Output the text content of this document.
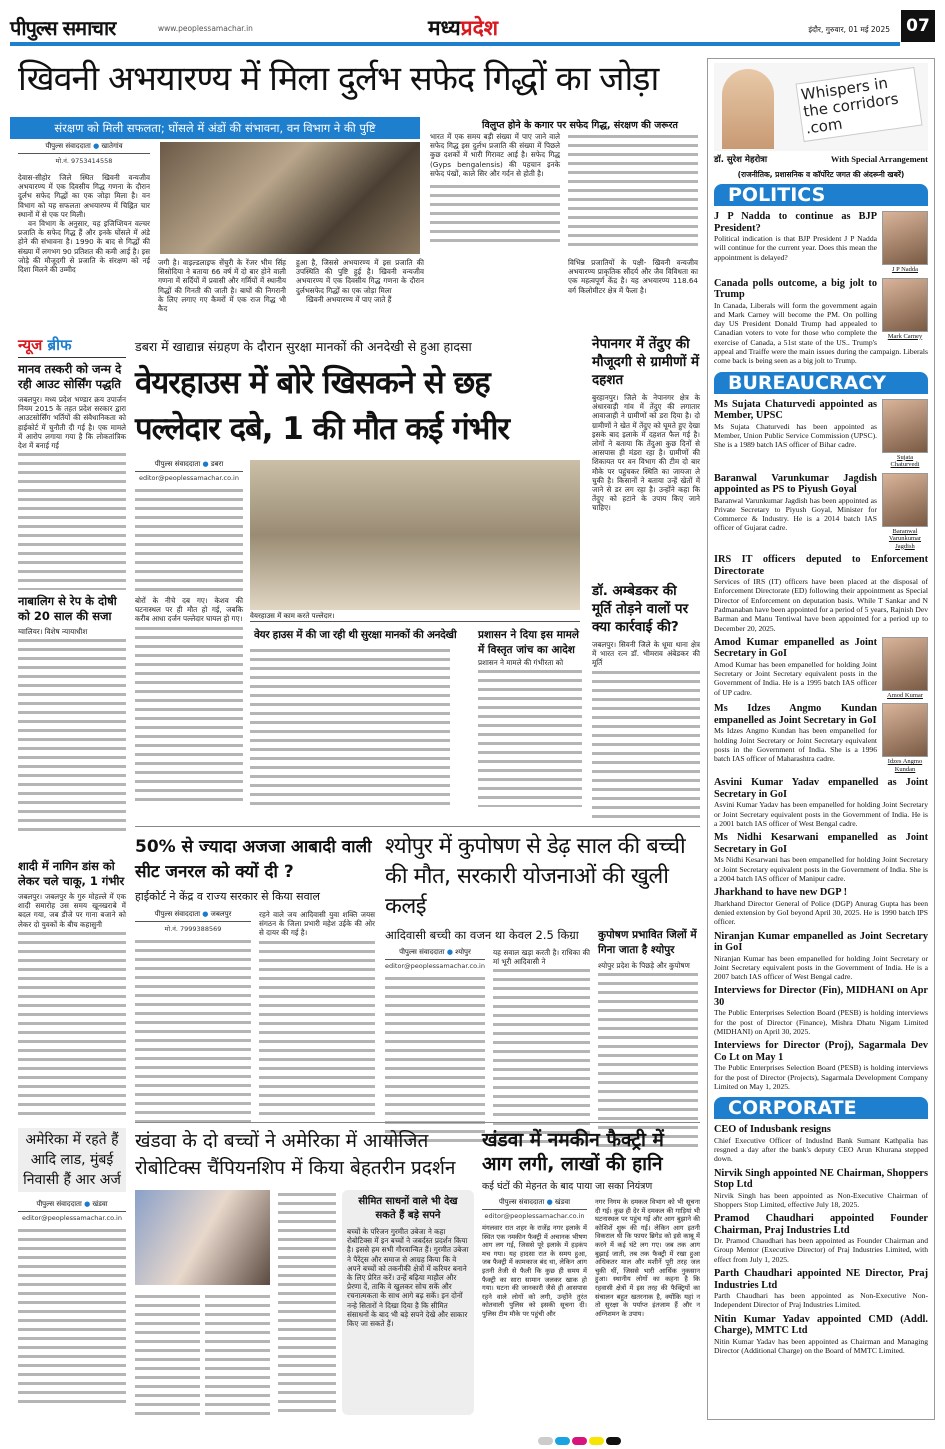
पीपुल्स समाचार	www.peoplessamachar.in	मध्यप्रदेश	इंदौर, गुरुवार, 01 मई 2025 07
खिवनी अभयारण्य में मिला दुर्लभ सफेद गिद्धों का जोड़ा
संरक्षण को मिली सफलता; घोंसले में अंडों की संभावना, वन विभाग ने की पुष्टि	विलुप्त होने के कगार पर सफेद गिद्ध, संरक्षण की जरूरत
पीपुल्स संवाददाता ● खातेगांव
मो.नं. 9753414558

देवास-सीहोर जिले स्थित खिवनी वन्यजीव अभयारण्य में एक दिवसीय गिद्ध गणना के दौरान दुर्लभ सफेद गिद्धों का एक जोड़ा मिला है। वन विभाग को यह सफलता अभयारण्य में चिह्नित चार स्थानों में से एक पर मिली।

वन विभाग के अनुसार, यह इजिप्शियन वल्चर प्रजाति के सफेद गिद्ध हैं और इनके घोंसले में अंडे होने की संभावना है। 1990 के बाद से गिद्धों की संख्या में लगभग 90 प्रतिशत की कमी आई है। इस जोड़े की मौजूदगी से प्रजाति के संरक्षण को नई दिशा मिलने की उम्मीद

जगी है। वाइल्डलाइफ सेंचुरी के रेंजर भीम सिंह सिसोदिया ने बताया 66 वर्ष में दो बार होने वाली गणना में सर्दियों में प्रवासी और गर्मियों में स्थानीय गिद्धों की गिनती की जाती है। बाघों की निगरानी के लिए लगाए गए कैमरों में एक राज गिद्ध भी कैद

हुआ है, जिससे अभयारण्य में इस प्रजाति की उपस्थिति की पुष्टि हुई है। खिवनी वन्यजीव अभयारण्य में एक दिवसीय गिद्ध गणना के दौरान दुर्लभसफेद गिद्धों का एक जोड़ा मिला

खिवनी अभयारण्य में पाए जाते हैं

भारत में एक समय बड़ी संख्या में पाए जाने वाले सफेद गिद्ध इस दुर्लभ प्रजाति की संख्या में पिछले कुछ दशकों में भारी गिरावट आई है। सफेद गिद्ध (Gyps bengalensis) की पहचान इनके सफेद पंखों, काले सिर और गर्दन से होती है।

विभिन्न प्रजातियों के पक्षी- खिवनी वन्यजीव अभयारण्य प्राकृतिक सौंदर्य और जैव विविधता का एक महत्वपूर्ण केंद्र है। यह अभयारण्य 118.64 वर्ग किलोमीटर क्षेत्र में फैला है।

न्यूज ब्रीफ
मानव तस्करी को जन्म दे रही आउट सोर्सिंग पद्धति

जबलपुर। मध्य प्रदेश भण्डार क्रय उपार्जन नियम 2015 के तहत प्रदेश सरकार द्वारा आउटसोर्सिंग भर्तियों की संवैधानिकता को हाईकोर्ट में चुनौती दी गई है। एक मामले में आरोप लगाया गया है कि लोकतांत्रिक देश में बनाई गई

नाबालिग से रेप के दोषी को 20 साल की सजा

ग्वालियर। विशेष न्यायाधीश

शादी में नागिन डांस को लेकर चले चाकू, 1 गंभीर

जबलपुर। जबलपुर के गुरु मोहल्ले में एक शादी समारोह उस समय खूनखराबे में बदल गया, जब डीजे पर गाना बजाने को लेकर दो युवकों के बीच कहासुनी

अमेरिका में रहते हैं आदि लाड, मुंबई निवासी हैं आर अर्ज
पीपुल्स संवाददाता ● खंडवा
editor@peoplessamachar.co.in
डबरा में खाद्यान्न संग्रहण के दौरान सुरक्षा मानकों की अनदेखी से हुआ हादसा
वेयरहाउस में बोरे खिसकने से छह
पल्लेदार दबे, 1 की मौत कई गंभीर
पीपुल्स संवाददाता ● डबरा
editor@peoplessamachar.co.in

बोरों के नीचे दब गए। केशव की घटनास्थल पर ही मौत हो गई, जबकि करीब आधा दर्जन पल्लेदार घायल हो गए। वेयरहाउस में काम करते पल्लेदार।
वेयर हाउस में की जा रही थी सुरक्षा मानकों की अनदेखी	प्रशासन ने दिया इस मामले में विस्तृत जांच का आदेश

प्रशासन ने मामले की गंभीरता को

नेपानगर में तेंदुए की मौजूदगी से ग्रामीणों में दहशत

बुरहानपुर। जिले के नेपानगर क्षेत्र के अंधारवाड़ी गांव में तेंदुए की लगातार आवाजाही ने ग्रामीणों को डरा दिया है। दो ग्रामीणों ने खेत में तेंदुए को घूमते हुए देखा इसके बाद इलाके में दहशत फैल गई है। लोगों ने बताया कि तेंदुआ कुछ दिनों से आसपास ही मंडरा रहा है। ग्रामीणों की शिकायत पर वन विभाग की टीम दो बार मौके पर पहुंचकर स्थिति का जायजा ले चुकी है। किसानों ने बताया उन्हें खेतों में जाने से डर लग रहा है। उन्होंने कहा कि तेंदुए को हटाने के उपाय किए जाने चाहिए।

डॉ. अम्बेडकर की मूर्ति तोड़ने वालों पर क्या कार्रवाई की?

जबलपुर। सिवनी जिले के धूमा थाना क्षेत्र में भारत रत्न डॉ. भीमराव अंबेडकर की मूर्ति

50% से ज्यादा अजजा आबादी वाली सीट जनरल को क्यों दी ?
हाईकोर्ट ने केंद्र व राज्य सरकार से किया सवाल
पीपुल्स संवाददाता ● जबलपुर
मो.नं. 7999388569

रहने वाले जय आदिवासी युवा शक्ति जयस संगठन के जिला प्रभारी महेश उईके की ओर से दायर की गई है।

श्योपुर में कुपोषण से डेढ़ साल की बच्ची की मौत, सरकारी योजनाओं की खुली कलई
आदिवासी बच्ची का वजन था केवल 2.5 किग्रा
पीपुल्स संवाददाता ● श्योपुर
editor@peoplessamachar.co.in

यह सवाल खड़ा करती है। राधिका की मां भूरी आदिवासी ने

कुपोषण प्रभावित जिलों में गिना जाता है श्योपुर

श्योपुर प्रदेश के पिछड़े और कुपोषण

खंडवा के दो बच्चों ने अमेरिका में आयोजित रोबोटिक्स चैंपियनशिप में किया बेहतरीन प्रदर्शन
सीमित साधनों वाले भी देख सकते हैं बड़े सपने

बच्चों के परिजन गुरमीत उबेजा ने कहा रोबोटिक्स में इन बच्चों ने जबर्दस्त प्रदर्शन किया है। इससे हम सभी गौरवान्वित हैं। गुरमीत उबेजा ने पैरेंट्स और समाज से आग्रह किया कि वे अपने बच्चों को तकनीकी क्षेत्रों में करियर बनाने के लिए प्रेरित करें। उन्हें बढ़िया माहौल और प्रेरणा दें, ताकि वे खुलकर सोच सकें और रचनात्मकता के साथ आगे बढ़ सकें। इन दोनों नन्हे सितारों ने दिखा दिया है कि सीमित संसाधनों के बाद भी बड़े सपने देखे और साकार किए जा सकते हैं।

खंडवा में नमकीन फैक्ट्री में आग लगी, लाखों की हानि
कई घंटों की मेहनत के बाद पाया जा सका नियंत्रण
पीपुल्स संवाददाता ● खंडवा
editor@peoplessamachar.co.in

मंगलवार रात शहर के राजेंद्र नगर इलाके में स्थित एक नमकीन फैक्ट्री में अचानक भीषण आग लग गई, जिससे पूरे इलाके में हड़कंप मच गया। यह हादसा रात के समय हुआ, जब फैक्ट्री में कामकाज बंद था, लेकिन आग इतनी तेजी से फैली कि कुछ ही समय में फैक्ट्री का सारा सामान जलकर खाक हो गया। घटना की जानकारी जैसे ही आसपास रहने वाले लोगों को लगी, उन्होंने तुरंत कोतवाली पुलिस को इसकी सूचना दी। पुलिस टीम मौके पर पहुंची और

नगर निगम के दमकल विभाग को भी सूचना दी गई। कुछ ही देर में दमकल की गाड़ियां भी घटनास्थल पर पहुंच गईं और आग बुझाने की कोशिशें शुरू की गईं। लेकिन आग इतनी विकराल थी कि फायर ब्रिगेड को इसे काबू में करने में कई घंटे लग गए। जब तक आग बुझाई जाती, तब तक फैक्ट्री में रखा हुआ अधिकतर माल और मशीनें पूरी तरह जल चुकी थीं, जिससे भारी आर्थिक नुकसान हुआ। स्थानीय लोगों का कहना है कि रहवासी क्षेत्रों में इस तरह की फैक्ट्रियों का संचालन बहुत खतरनाक है, क्योंकि यहां न तो सुरक्षा के पर्याप्त इंतजाम हैं और न अग्निशमन के उपाय।

Whispers in the corridors .com
डॉ. सुरेश मेहरोत्रा	With Special Arrangement
(राजनीतिक, प्रशासनिक व कॉर्पोरेट जगत की अंदरूनी खबरें)
POLITICS
J P Nadda
J P Nadda to continue as BJP President?

Political indication is that BJP President J P Nadda will continue for the current year. Does this mean the appointment is delayed?

Mark Carney
Canada polls outcome, a big jolt to Trump

In Canada, Liberals will form the government again and Mark Carney will become the PM. On polling day US President Donald Trump had appealed to Canadian voters to vote for those who complete the exercise of Canada, a 51st state of the US.. Trump's appeal and Traiffe were the main issues during the campaign. Liberals come back is being seen as a big jolt to Trump.

BUREAUCRACY
Sujata Chaturvedi
Ms Sujata Chaturvedi appointed as Member, UPSC

Ms Sujata Chaturvedi has been appointed as Member, Union Public Service Commission (UPSC). She is a 1989 batch IAS officer of Bihar cadre.

Baranwal Varunkumar Jagdish
Baranwal Varunkumar Jagdish appointed as PS to Piyush Goyal

Baranwal Varunkumar Jagdish has been appointed as Private Secretary to Piyush Goyal, Minister for Commerce & Industry. He is a 2014 batch IAS officer of Gujarat cadre.

IRS IT officers deputed to Enforcement Directorate

Services of IRS (IT) officers have been placed at the disposal of Enforcement Directorate (ED) following their appointment as Special Director of Enforcement on deputation basis. While T Sankar and N Padmanaban have been appointed for a period of 5 years, Rajnish Dev Barman and Manu Tentiwal have been appointed for a period up to December 20, 2025.

Amod Kumar
Amod Kumar empanelled as Joint Secretary in GoI

Amod Kumar has been empanelled for holding Joint Secretary or Joint Secretary equivalent posts in the Government of India. He is a 1995 batch IAS officer of UP cadre.

Idzes Angmo Kundan
Ms Idzes Angmo Kundan empanelled as Joint Secretary in GoI

Ms Idzes Angmo Kundan has been empanelled for holding Joint Secretary or Joint Secretary equivalent posts in the Government of India. She is a 1996 batch IAS officer of Maharashtra cadre.

Asvini Kumar Yadav empanelled as Joint Secretary in GoI

Asvini Kumar Yadav has been empanelled for holding Joint Secretary or Joint Secretary equivalent posts in the Government of India. He is a 2001 batch IAS officer of West Bengal cadre.

Ms Nidhi Kesarwani empanelled as Joint Secretary in GoI

Ms Nidhi Kesarwani has been empanelled for holding Joint Secretary or Joint Secretary equivalent posts in the Government of India. She is a 2004 batch IAS officer of Manipur cadre.

Jharkhand to have new DGP !

Jharkhand Director General of Police (DGP) Anurag Gupta has been denied extension by GoI beyond April 30, 2025. He is 1990 batch IPS officer.

Niranjan Kumar empanelled as Joint Secretary in GoI

Niranjan Kumar has been empanelled for holding Joint Secretary or Joint Secretary equivalent posts in the Government of India. He is a 2007 batch IAS officer of West Bengal cadre.

Interviews for Director (Fin), MIDHANI on Apr 30

The Public Enterprises Selection Board (PESB) is holding interviews for the post of Director (Finance), Mishra Dhatu Nigam Limited (MIDHANI) on April 30, 2025.

Interviews for Director (Proj), Sagarmala Dev Co Lt on May 1

The Public Enterprises Selection Board (PESB) is holding interviews for the post of Director (Projects), Sagarmala Development Company Limited on May 1, 2025.

CORPORATE
CEO of Indusbank resigns

Chief Executive Officer of IndusInd Bank Sumant Kathpalia has resgned a day after the bank's deputy CEO Arun Khurana stepped down.

Nirvik Singh appointed NE Chairman, Shoppers Stop Ltd

Nirvik Singh has been appointed as Non-Executive Chairman of Shoppers Stop Limited, effective July 18, 2025.

Pramod Chaudhari appointed Founder Chairman, Praj Industries Ltd

Dr. Pramod Chaudhari has been appointed as Founder Chairman and Group Mentor (Executive Director) of Praj Industries Limited, with effect from July 1, 2025.

Parth Chaudhari appointed NE Director, Praj Industries Ltd

Parth Chaudhari has been appointed as Non-Executive Non-Independent Director of Praj Industries Limited.

Nitin Kumar Yadav appointed CMD (Addl. Charge), MMTC Ltd

Nitin Kumar Yadav has been appointed as Chairman and Managing Director (Additional Charge) on the Board of MMTC Limited.
